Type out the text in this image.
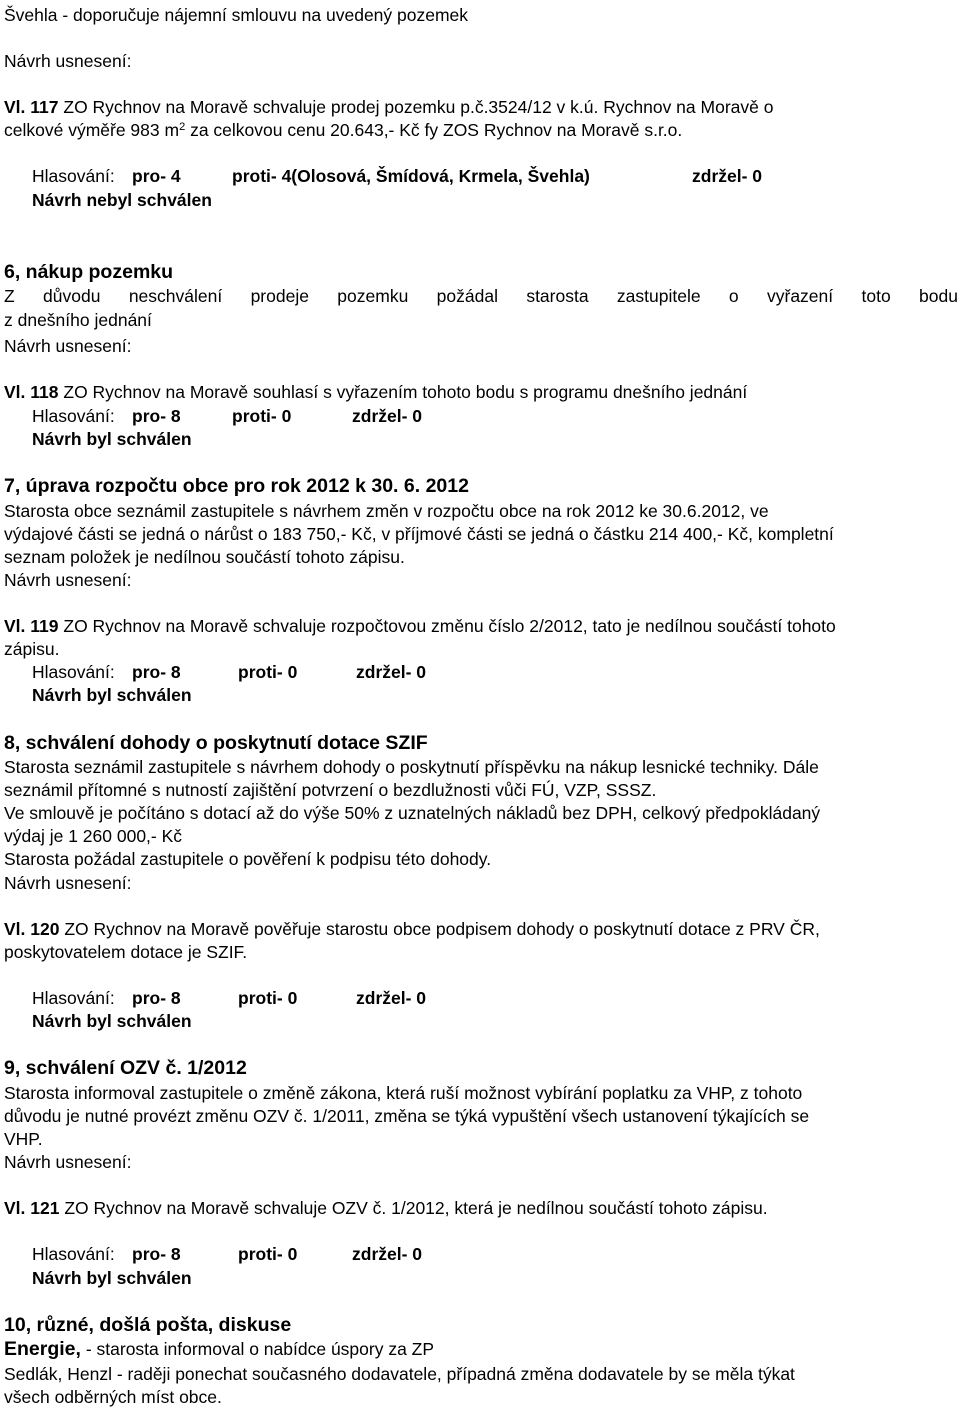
Švehla - doporučuje nájemní smlouvu na uvedený pozemek
Návrh usnesení:
Vl. 117 ZO Rychnov na Moravě schvaluje prodej pozemku p.č.3524/12 v k.ú. Rychnov na Moravě o
celkové výměře 983 $m^2$ za celkovou cenu 20.643,- Kč fy ZOS Rychnov na Moravě s.r.o.
Hlasování: pro- 4	proti- 4(Olosová, Šmídová, Krmela, Švehla)	zdržel- 0
Návrh nebyl schválen
6, nákup pozemku
Z důvodu neschválení prodeje pozemku požádal starosta zastupitele o vyřazení toto bodu
z dnešního jednání
Návrh usnesení:
Vl. 118 ZO Rychnov na Moravě souhlasí s vyřazením tohoto bodu s programu dnešního jednání
Hlasování: pro- 8	proti- 0	zdržel- 0
Návrh byl schválen
7, úprava rozpočtu obce pro rok 2012 k 30. 6. 2012
Starosta obce seznámil zastupitele s návrhem změn v rozpočtu obce na rok 2012 ke 30.6.2012, ve
výdajové části se jedná o nárůst o 183 750,- Kč, v příjmové části se jedná o částku 214 400,- Kč, kompletní
seznam položek je nedílnou součástí tohoto zápisu.
Návrh usnesení:
Vl. 119 ZO Rychnov na Moravě schvaluje rozpočtovou změnu číslo 2/2012, tato je nedílnou součástí tohoto
zápisu.
Hlasování: pro- 8	proti- 0	zdržel- 0
Návrh byl schválen
8, schválení dohody o poskytnutí dotace SZIF
Starosta seznámil zastupitele s návrhem dohody o poskytnutí příspěvku na nákup lesnické techniky. Dále
seznámil přítomné s nutností zajištění potvrzení o bezdlužnosti vůči FÚ, VZP, SSSZ.
Ve smlouvě je počítáno s dotací až do výše 50% z uznatelných nákladů bez DPH, celkový předpokládaný
výdaj je 1 260 000,- Kč
Starosta požádal zastupitele o pověření k podpisu této dohody.
Návrh usnesení:
Vl. 120 ZO Rychnov na Moravě pověřuje starostu obce podpisem dohody o poskytnutí dotace z PRV ČR,
poskytovatelem dotace je SZIF.
Hlasování: pro- 8	proti- 0	zdržel- 0
Návrh byl schválen
9, schválení OZV č. 1/2012
Starosta informoval zastupitele o změně zákona, která ruší možnost vybírání poplatku za VHP, z tohoto
důvodu je nutné provézt změnu OZV č. 1/2011, změna se týká vypuštění všech ustanovení týkajících se
VHP.
Návrh usnesení:
Vl. 121 ZO Rychnov na Moravě schvaluje OZV č. 1/2012, která je nedílnou součástí tohoto zápisu.
Hlasování: pro- 8	proti- 0	zdržel- 0
Návrh byl schválen
10, různé, došlá pošta, diskuse
Energie, - starosta informoval o nabídce úspory za ZP
Sedlák, Henzl - raději ponechat současného dodavatele, případná změna dodavatele by se měla týkat
všech odběrných míst obce.
